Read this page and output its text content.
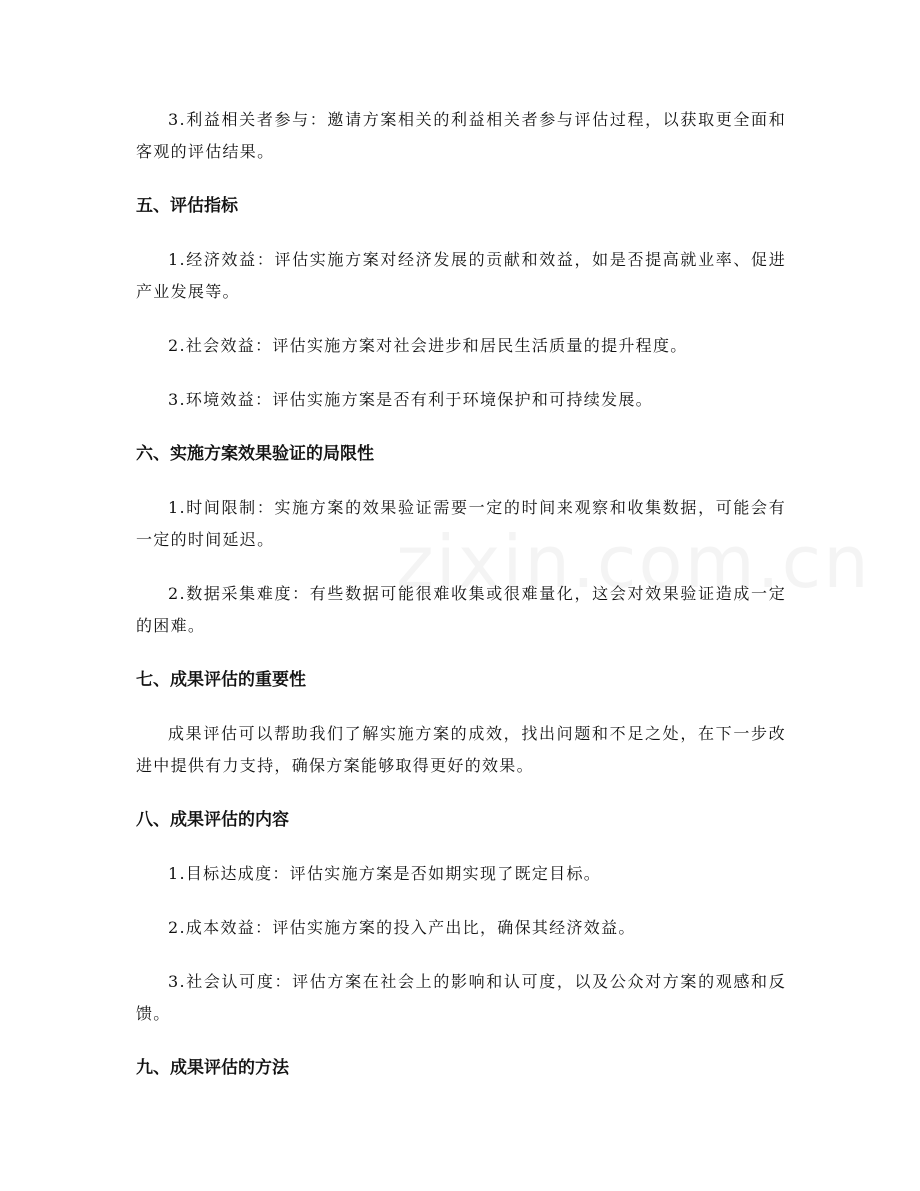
3.利益相关者参与：邀请方案相关的利益相关者参与评估过程，以获取更全面和客观的评估结果。

五、评估指标

1.经济效益：评估实施方案对经济发展的贡献和效益，如是否提高就业率、促进产业发展等。

2.社会效益：评估实施方案对社会进步和居民生活质量的提升程度。

3.环境效益：评估实施方案是否有利于环境保护和可持续发展。

六、实施方案效果验证的局限性

1.时间限制：实施方案的效果验证需要一定的时间来观察和收集数据，可能会有一定的时间延迟。

2.数据采集难度：有些数据可能很难收集或很难量化，这会对效果验证造成一定的困难。

七、成果评估的重要性

成果评估可以帮助我们了解实施方案的成效，找出问题和不足之处，在下一步改进中提供有力支持，确保方案能够取得更好的效果。

八、成果评估的内容

1.目标达成度：评估实施方案是否如期实现了既定目标。

2.成本效益：评估实施方案的投入产出比，确保其经济效益。

3.社会认可度：评估方案在社会上的影响和认可度，以及公众对方案的观感和反馈。

九、成果评估的方法
